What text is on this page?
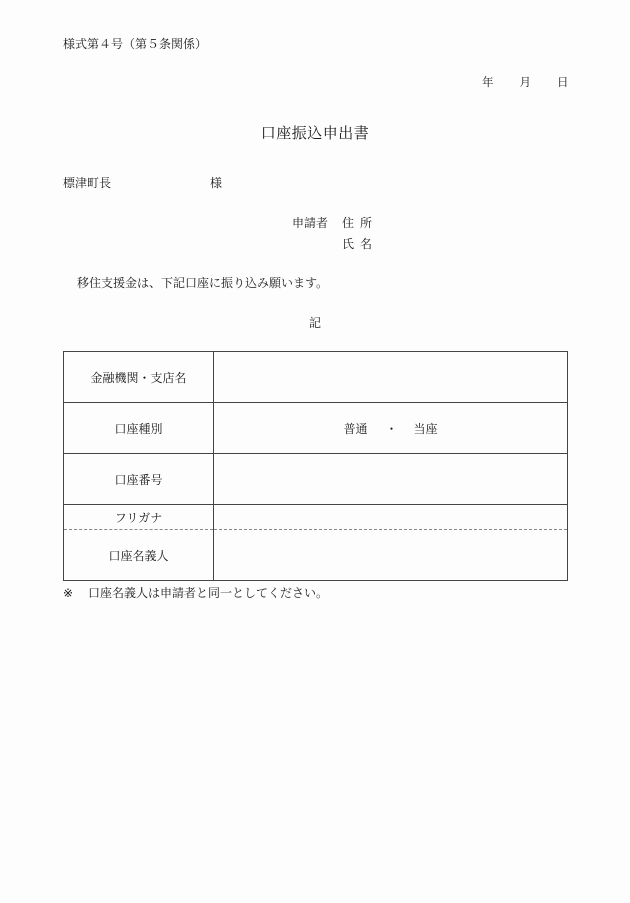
様式第４号（第５条関係）
年 月 日
口座振込申出書
標津町長	様
申請者 住所
氏名
移住支援金は、下記口座に振り込み願います。
記
金融機関・支店名	
口座種別	普通 ・ 当座
口座番号	
フリガナ	
口座名義人	
※ 口座名義人は申請者と同一としてください。
